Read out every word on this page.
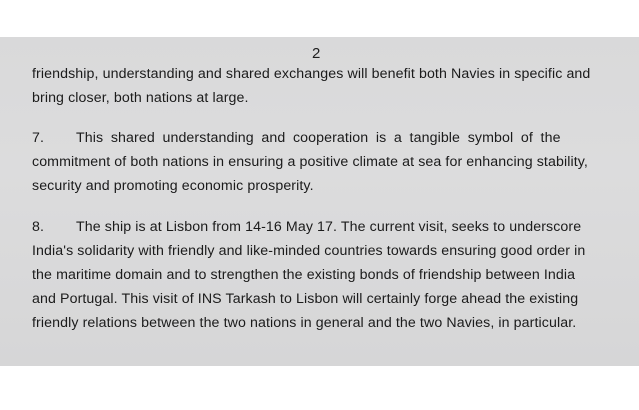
2

friendship, understanding and shared exchanges will benefit both Navies in specific and
bring closer, both nations at large.

7. This shared understanding and cooperation is a tangible symbol of the
commitment of both nations in ensuring a positive climate at sea for enhancing stability,
security and promoting economic prosperity.

8. The ship is at Lisbon from 14-16 May 17. The current visit, seeks to underscore
India's solidarity with friendly and like-minded countries towards ensuring good order in
the maritime domain and to strengthen the existing bonds of friendship between India
and Portugal. This visit of INS Tarkash to Lisbon will certainly forge ahead the existing
friendly relations between the two nations in general and the two Navies, in particular.
